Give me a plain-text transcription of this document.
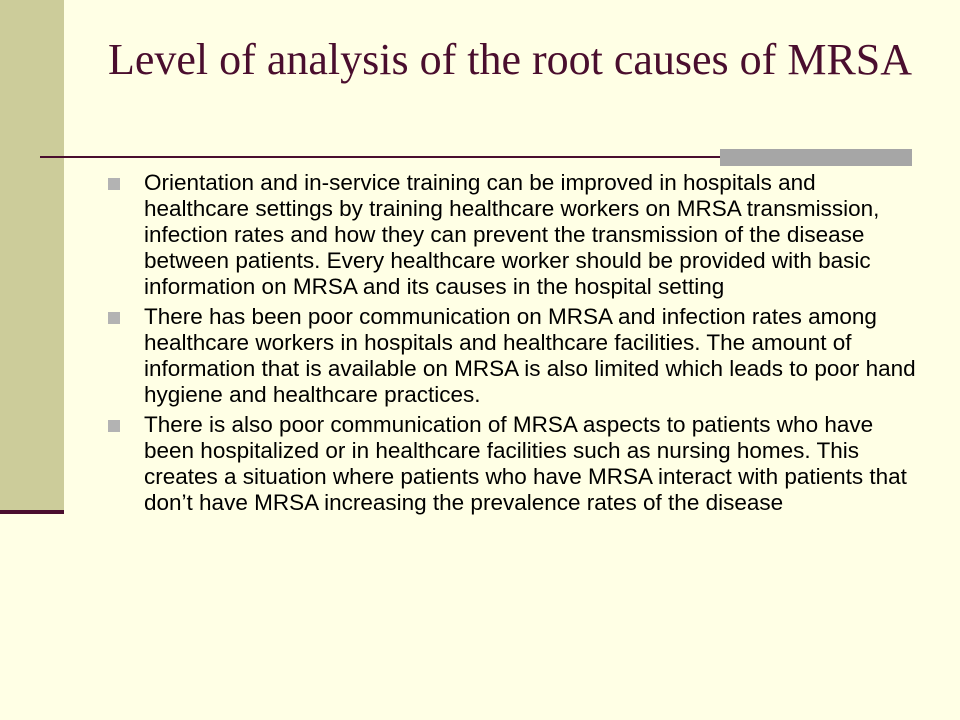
Level of analysis of the root causes of MRSA
Orientation and in-service training can be improved in hospitals and healthcare settings by training healthcare workers on MRSA transmission, infection rates and how they can prevent the transmission of the disease between patients. Every healthcare worker should be provided with basic information on MRSA and its causes in the hospital setting
There has been poor communication on MRSA and infection rates among healthcare workers in hospitals and healthcare facilities. The amount of information that is available on MRSA is also limited which leads to poor hand hygiene and healthcare practices.
There is also poor communication of MRSA aspects to patients who have been hospitalized or in healthcare facilities such as nursing homes. This creates a situation where patients who have MRSA interact with patients that don’t have MRSA increasing the prevalence rates of the disease
